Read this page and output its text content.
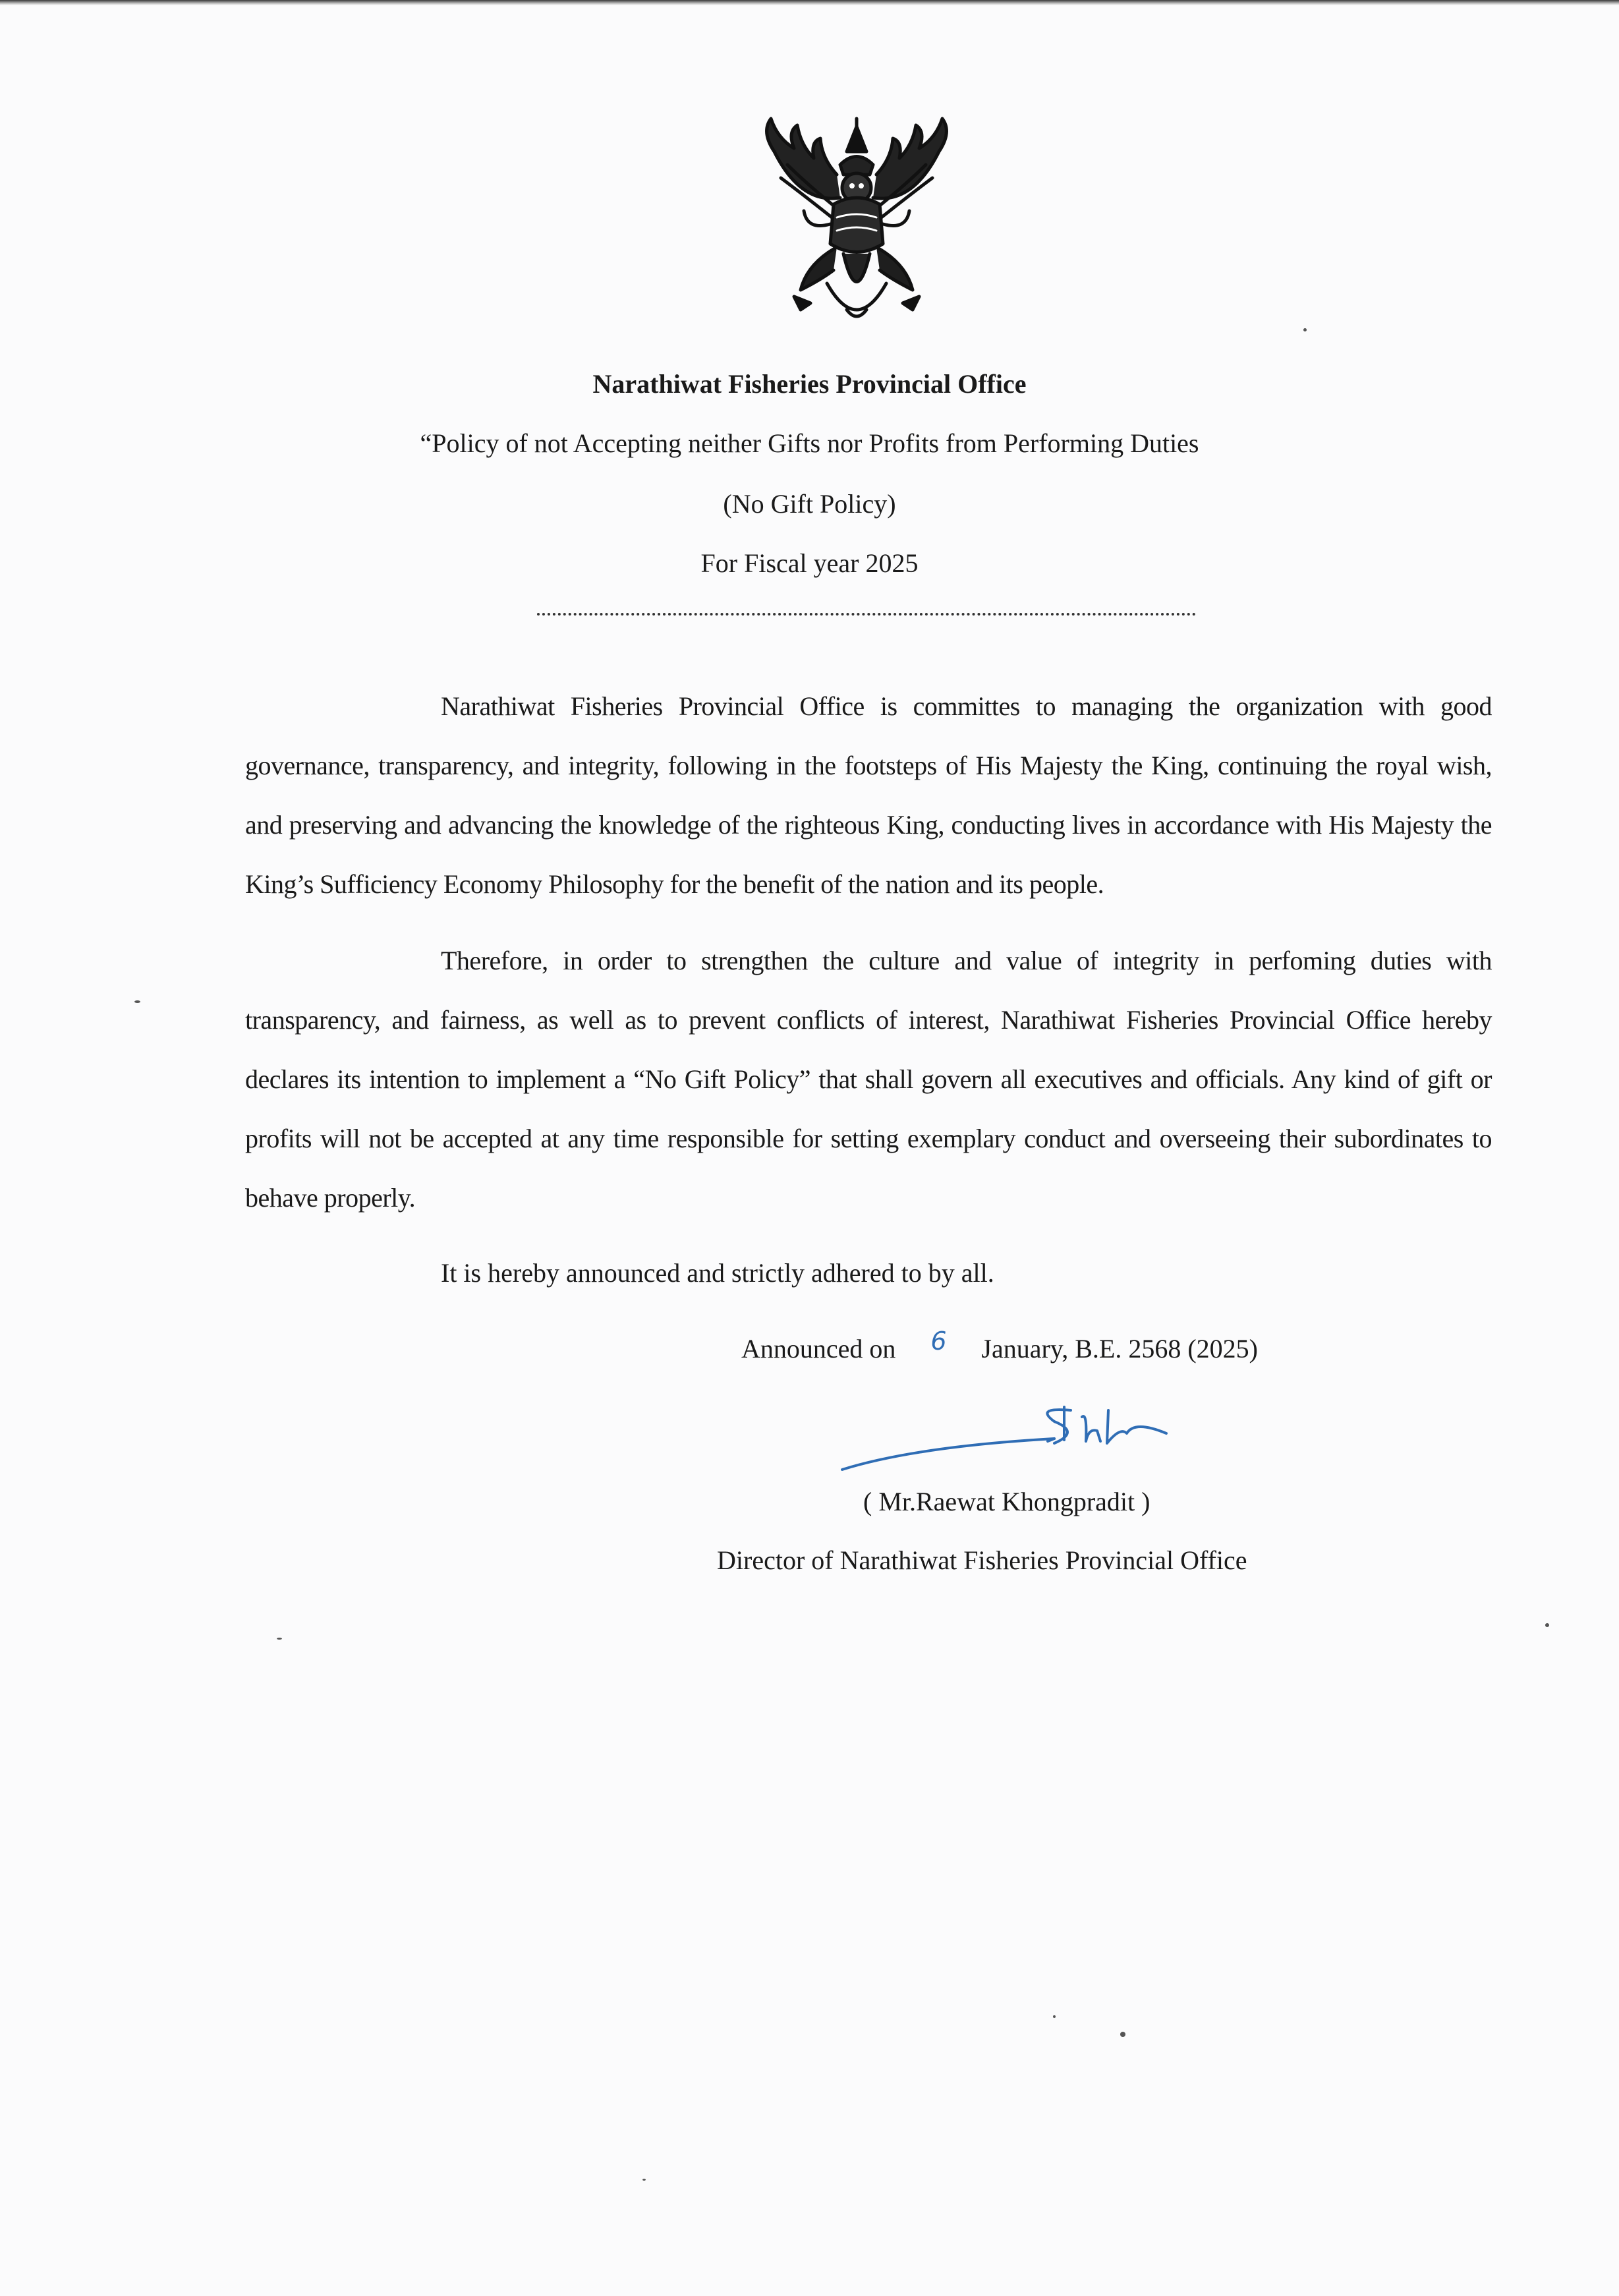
Narathiwat Fisheries Provincial Office
“Policy of not Accepting neither Gifts nor Profits from Performing Duties
(No Gift Policy)
For Fiscal year 2025

Narathiwat Fisheries Provincial Office is committes to managing the organization with good governance, transparency, and integrity, following in the footsteps of His Majesty the King, continuing the royal wish, and preserving and advancing the knowledge of the righteous King, conducting lives in accordance with His Majesty the King’s Sufficiency Economy Philosophy for the benefit of the nation and its people.

Therefore, in order to strengthen the culture and value of integrity in perfoming duties with transparency, and fairness, as well as to prevent conflicts of interest, Narathiwat Fisheries Provincial Office hereby declares its intention to implement a “No Gift Policy” that shall govern all executives and officials. Any kind of gift or profits will not be accepted at any time responsible for setting exemplary conduct and overseeing their subordinates to behave properly.

It is hereby announced and strictly adhered to by all.
Announced on 6 January, B.E. 2568 (2025)
( Mr.Raewat Khongpradit )
Director of Narathiwat Fisheries Provincial Office
